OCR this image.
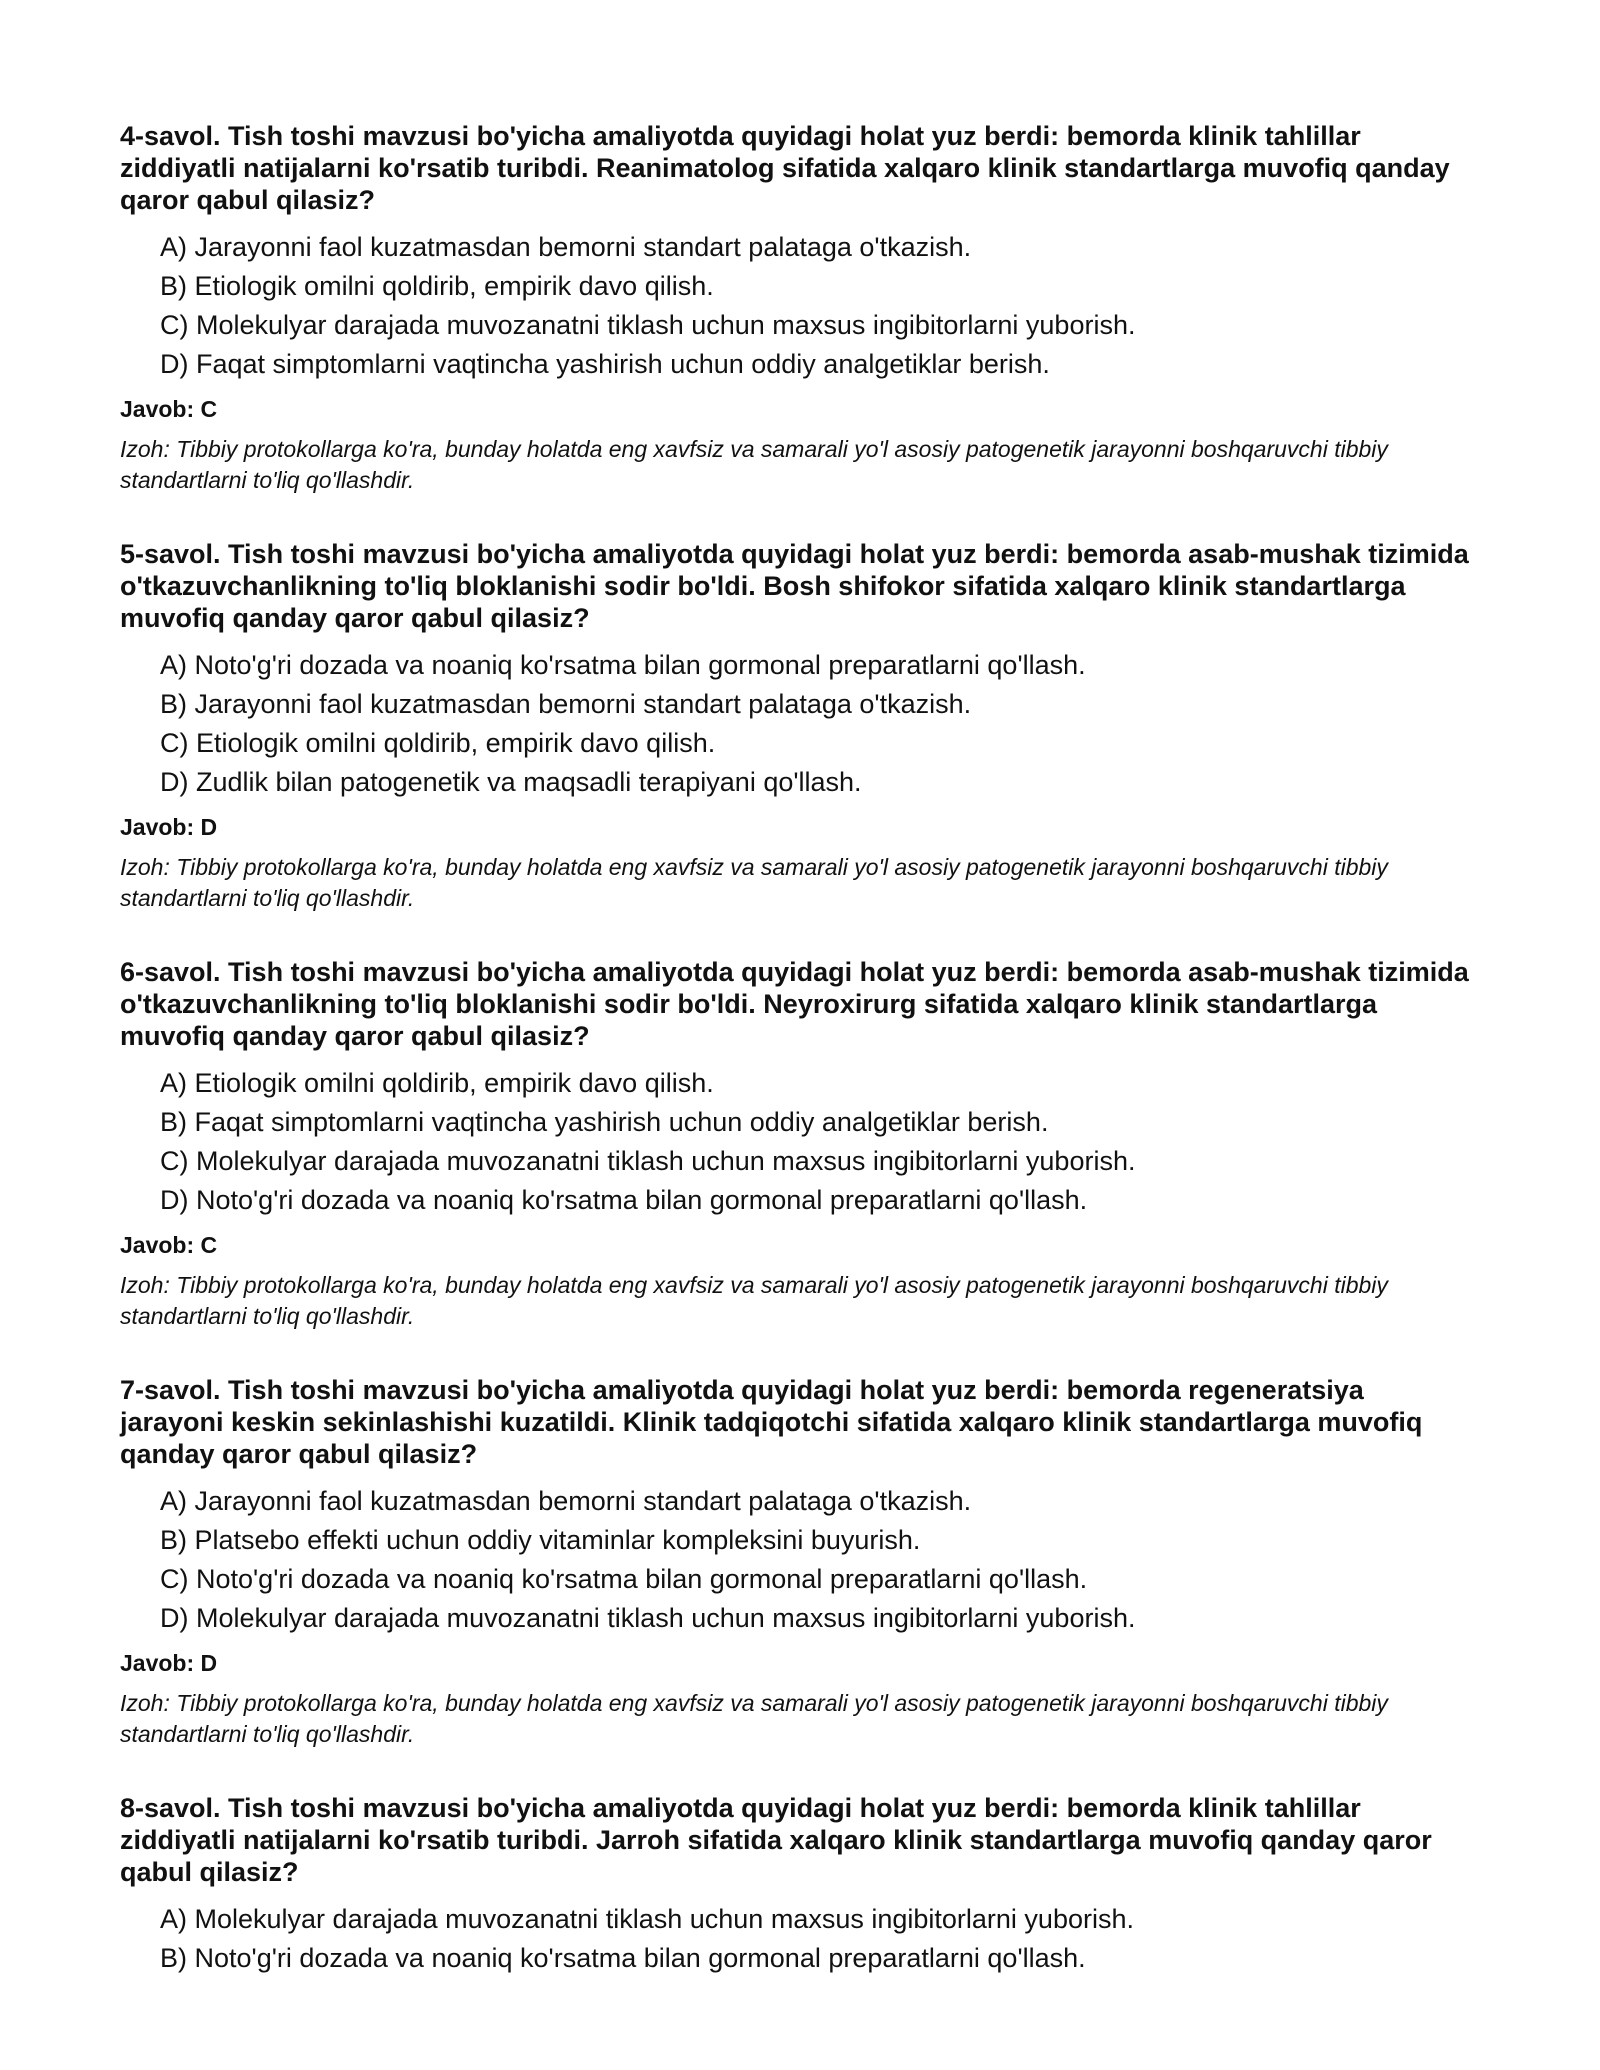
4-savol. Tish toshi mavzusi bo'yicha amaliyotda quyidagi holat yuz berdi: bemorda klinik tahlillar ziddiyatli natijalarni ko'rsatib turibdi. Reanimatolog sifatida xalqaro klinik standartlarga muvofiq qanday qaror qabul qilasiz?

A) Jarayonni faol kuzatmasdan bemorni standart palataga o'tkazish.
B) Etiologik omilni qoldirib, empirik davo qilish.
C) Molekulyar darajada muvozanatni tiklash uchun maxsus ingibitorlarni yuborish.
D) Faqat simptomlarni vaqtincha yashirish uchun oddiy analgetiklar berish.

Javob: C

Izoh: Tibbiy protokollarga ko'ra, bunday holatda eng xavfsiz va samarali yo'l asosiy patogenetik jarayonni boshqaruvchi tibbiy standartlarni to'liq qo'llashdir.

5-savol. Tish toshi mavzusi bo'yicha amaliyotda quyidagi holat yuz berdi: bemorda asab-mushak tizimida o'tkazuvchanlikning to'liq bloklanishi sodir bo'ldi. Bosh shifokor sifatida xalqaro klinik standartlarga muvofiq qanday qaror qabul qilasiz?

A) Noto'g'ri dozada va noaniq ko'rsatma bilan gormonal preparatlarni qo'llash.
B) Jarayonni faol kuzatmasdan bemorni standart palataga o'tkazish.
C) Etiologik omilni qoldirib, empirik davo qilish.
D) Zudlik bilan patogenetik va maqsadli terapiyani qo'llash.

Javob: D

Izoh: Tibbiy protokollarga ko'ra, bunday holatda eng xavfsiz va samarali yo'l asosiy patogenetik jarayonni boshqaruvchi tibbiy standartlarni to'liq qo'llashdir.

6-savol. Tish toshi mavzusi bo'yicha amaliyotda quyidagi holat yuz berdi: bemorda asab-mushak tizimida o'tkazuvchanlikning to'liq bloklanishi sodir bo'ldi. Neyroxirurg sifatida xalqaro klinik standartlarga muvofiq qanday qaror qabul qilasiz?

A) Etiologik omilni qoldirib, empirik davo qilish.
B) Faqat simptomlarni vaqtincha yashirish uchun oddiy analgetiklar berish.
C) Molekulyar darajada muvozanatni tiklash uchun maxsus ingibitorlarni yuborish.
D) Noto'g'ri dozada va noaniq ko'rsatma bilan gormonal preparatlarni qo'llash.

Javob: C

Izoh: Tibbiy protokollarga ko'ra, bunday holatda eng xavfsiz va samarali yo'l asosiy patogenetik jarayonni boshqaruvchi tibbiy standartlarni to'liq qo'llashdir.

7-savol. Tish toshi mavzusi bo'yicha amaliyotda quyidagi holat yuz berdi: bemorda regeneratsiya jarayoni keskin sekinlashishi kuzatildi. Klinik tadqiqotchi sifatida xalqaro klinik standartlarga muvofiq qanday qaror qabul qilasiz?

A) Jarayonni faol kuzatmasdan bemorni standart palataga o'tkazish.
B) Platsebo effekti uchun oddiy vitaminlar kompleksini buyurish.
C) Noto'g'ri dozada va noaniq ko'rsatma bilan gormonal preparatlarni qo'llash.
D) Molekulyar darajada muvozanatni tiklash uchun maxsus ingibitorlarni yuborish.

Javob: D

Izoh: Tibbiy protokollarga ko'ra, bunday holatda eng xavfsiz va samarali yo'l asosiy patogenetik jarayonni boshqaruvchi tibbiy standartlarni to'liq qo'llashdir.

8-savol. Tish toshi mavzusi bo'yicha amaliyotda quyidagi holat yuz berdi: bemorda klinik tahlillar ziddiyatli natijalarni ko'rsatib turibdi. Jarroh sifatida xalqaro klinik standartlarga muvofiq qanday qaror qabul qilasiz?

A) Molekulyar darajada muvozanatni tiklash uchun maxsus ingibitorlarni yuborish.
B) Noto'g'ri dozada va noaniq ko'rsatma bilan gormonal preparatlarni qo'llash.
